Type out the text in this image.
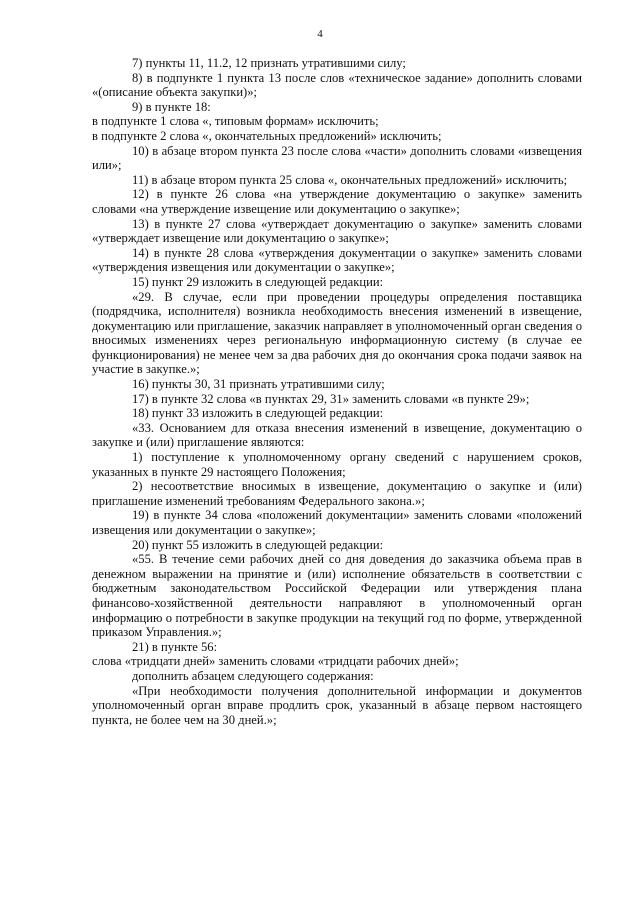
4

7) пункты 11, 11.2, 12 признать утратившими силу;

8) в подпункте 1 пункта 13 после слов «техническое задание» дополнить словами «(описание объекта закупки)»;

9) в пункте 18:

в подпункте 1 слова «, типовым формам» исключить;

в подпункте 2 слова «, окончательных предложений» исключить;

10) в абзаце втором пункта 23 после слова «части» дополнить словами «извещения или»;

11) в абзаце втором пункта 25 слова «, окончательных предложений» исключить;

12) в пункте 26 слова «на утверждение документацию о закупке» заменить словами «на утверждение извещение или документацию о закупке»;

13) в пункте 27 слова «утверждает документацию о закупке» заменить словами «утверждает извещение или документацию о закупке»;

14) в пункте 28 слова «утверждения документации о закупке» заменить словами «утверждения извещения или документации о закупке»;

15) пункт 29 изложить в следующей редакции:

«29. В случае, если при проведении процедуры определения поставщика (подрядчика, исполнителя) возникла необходимость внесения изменений в извещение, документацию или приглашение, заказчик направляет в уполномоченный орган сведения о вносимых изменениях через региональную информационную систему (в случае ее функционирования) не менее чем за два рабочих дня до окончания срока подачи заявок на участие в закупке.»;

16) пункты 30, 31 признать утратившими силу;

17) в пункте 32 слова «в пунктах 29, 31» заменить словами «в пункте 29»;

18) пункт 33 изложить в следующей редакции:

«33. Основанием для отказа внесения изменений в извещение, документацию о закупке и (или) приглашение являются:

1) поступление к уполномоченному органу сведений с нарушением сроков, указанных в пункте 29 настоящего Положения;

2) несоответствие вносимых в извещение, документацию о закупке и (или) приглашение изменений требованиям Федерального закона.»;

19) в пункте 34 слова «положений документации» заменить словами «положений извещения или документации о закупке»;

20) пункт 55 изложить в следующей редакции:

«55. В течение семи рабочих дней со дня доведения до заказчика объема прав в денежном выражении на принятие и (или) исполнение обязательств в соответствии с бюджетным законодательством Российской Федерации или утверждения плана финансово-хозяйственной деятельности направляют в уполномоченный орган информацию о потребности в закупке продукции на текущий год по форме, утвержденной приказом Управления.»;

21) в пункте 56:

слова «тридцати дней» заменить словами «тридцати рабочих дней»;

дополнить абзацем следующего содержания:

«При необходимости получения дополнительной информации и документов уполномоченный орган вправе продлить срок, указанный в абзаце первом настоящего пункта, не более чем на 30 дней.»;
